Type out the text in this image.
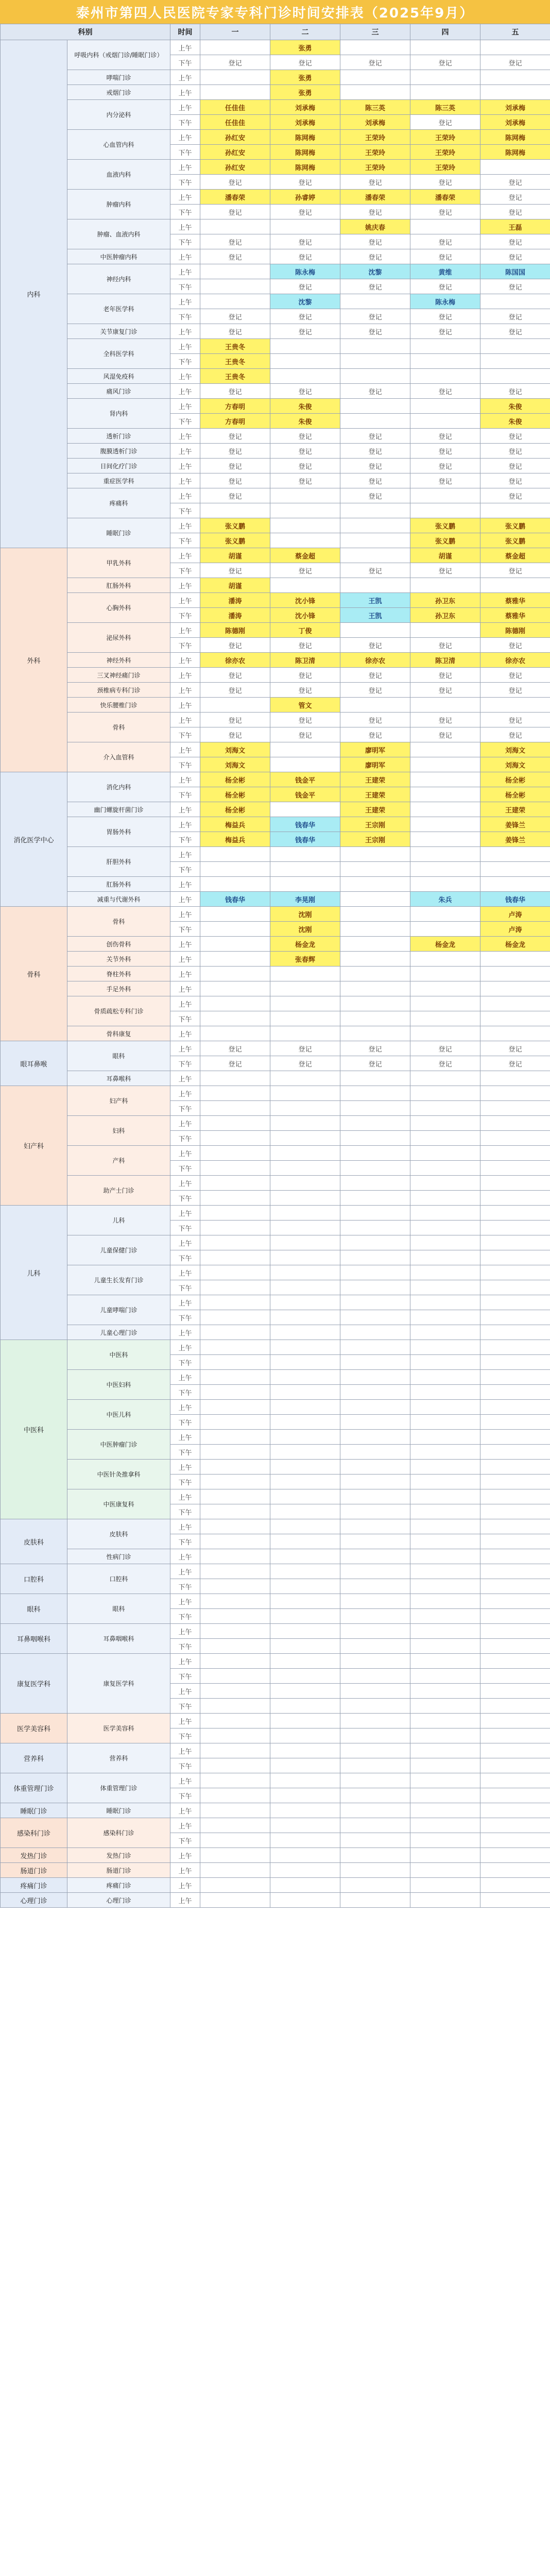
泰州市第四人民医院专家专科门诊时间安排表（2025年9月）
科别		时间	一	二	三	四	五
内科	呼吸内科（戒烟门诊/睡眠门诊）	上午		张勇			
		下午	登记	登记	登记	登记	登记
	哮喘门诊	上午		张勇			
	戒烟门诊	上午		张勇			
	内分泌科	上午	任佳佳	刘承梅	陈三英	陈三英	刘承梅
		下午	任佳佳	刘承梅	刘承梅	登记	刘承梅
	心血管内科	上午	孙红安	陈网梅	王荣玲	王荣玲	陈网梅
		下午	孙红安	陈网梅	王荣玲	王荣玲	陈网梅
	血液内科	上午	孙红安	陈网梅	王荣玲	王荣玲	
		下午	登记	登记	登记	登记	登记
	肿瘤内科	上午	潘春荣	孙睿婷	潘春荣	潘春荣	登记
		下午	登记	登记	登记	登记	登记
	肿瘤、血液内科	上午			姚庆春		王磊
		下午	登记	登记	登记	登记	登记
	中医肿瘤内科	上午	登记	登记	登记	登记	登记
	神经内科	上午		陈永梅	沈黎	黄维	陈国国
		下午		登记	登记	登记	登记
	老年医学科	上午		沈黎		陈永梅	
		下午	登记	登记	登记	登记	登记
	关节康复门诊	上午	登记	登记	登记	登记	登记
	全科医学科	上午	王贵冬				
		下午	王贵冬				
	风湿免疫科	上午	王贵冬				
	痛风门诊	上午	登记	登记	登记	登记	登记
	肾内科	上午	方春明	朱俊			朱俊
		下午	方春明	朱俊			朱俊
	透析门诊	上午	登记	登记	登记	登记	登记
	腹膜透析门诊	上午	登记	登记	登记	登记	登记
	日间化疗门诊	上午	登记	登记	登记	登记	登记
	重症医学科	上午	登记	登记	登记	登记	登记
	疼痛科	上午	登记		登记		登记
		下午					
	睡眠门诊	上午	张义鹏			张义鹏	张义鹏
		下午	张义鹏			张义鹏	张义鹏
外科	甲乳外科	上午	胡谨	蔡金超		胡谨	蔡金超
		下午	登记	登记	登记	登记	登记
	肛肠外科	上午	胡谨				
	心胸外科	上午	潘涛	沈小锋	王凯	孙卫东	蔡雅华
		下午	潘涛	沈小锋	王凯	孙卫东	蔡雅华
	泌尿外科	上午	陈德刚	丁俊			陈德刚
		下午	登记	登记	登记	登记	登记
	神经外科	上午	徐亦农	陈卫清	徐亦农	陈卫清	徐亦农
	三叉神经痛门诊	上午	登记	登记	登记	登记	登记
	颈椎病专科门诊	上午	登记	登记	登记	登记	登记
	快乐腰椎门诊	上午		管文			
	骨科	上午	登记	登记	登记	登记	登记
		下午	登记	登记	登记	登记	登记
	介入血管科	上午	刘海文		廖明军		刘海文
		下午	刘海文		廖明军		刘海文
消化医学中心	消化内科	上午	杨全彬	钱金平	王建荣		杨全彬
		下午	杨全彬	钱金平	王建荣		杨全彬
	幽门螺旋杆菌门诊	上午	杨全彬		王建荣		王建荣
	胃肠外科	上午	梅益兵	钱春华	王宗刚		姜锋兰
		下午	梅益兵	钱春华	王宗刚		姜锋兰
	肝胆外科	上午					
		下午					
	肛肠外科	上午					
	减重与代谢外科	上午	钱春华	李晃刚		朱兵	钱春华
骨科	骨科	上午		沈刚			卢涛
		下午		沈刚			卢涛
	创伤骨科	上午		杨金龙		杨金龙	杨金龙
	关节外科	上午		张春辉			
	脊柱外科	上午					
	手足外科	上午					
	骨质疏松专科门诊	上午					
		下午					
	骨科康复	上午					
眼耳鼻喉	眼科	上午	登记	登记	登记	登记	登记
		下午	登记	登记	登记	登记	登记
	耳鼻喉科	上午					
妇产科	妇产科	上午					
		下午					
	妇科	上午					
		下午					
	产科	上午					
		下午					
	助产士门诊	上午					
		下午					
儿科	儿科	上午					
		下午					
	儿童保健门诊	上午					
		下午					
	儿童生长发育门诊	上午					
		下午					
	儿童哮喘门诊	上午					
		下午					
	儿童心理门诊	上午					
中医科	中医科	上午					
		下午					
	中医妇科	上午					
		下午					
	中医儿科	上午					
		下午					
	中医肿瘤门诊	上午					
		下午					
	中医针灸推拿科	上午					
		下午					
	中医康复科	上午					
		下午					
皮肤科	皮肤科	上午					
		下午					
	性病门诊	上午					
口腔科	口腔科	上午					
		下午					
眼科	眼科	上午					
		下午					
耳鼻咽喉科	耳鼻咽喉科	上午					
		下午					
康复医学科	康复医学科	上午					
		下午					
		上午					
		下午					
医学美容科	医学美容科	上午					
		下午					
营养科	营养科	上午					
		下午					
体重管理门诊	体重管理门诊	上午					
		下午					
睡眠门诊	睡眠门诊	上午					
感染科门诊	感染科门诊	上午					
		下午					
发热门诊	发热门诊	上午					
肠道门诊	肠道门诊	上午					
疼痛门诊	疼痛门诊	上午					
心理门诊	心理门诊	上午					
